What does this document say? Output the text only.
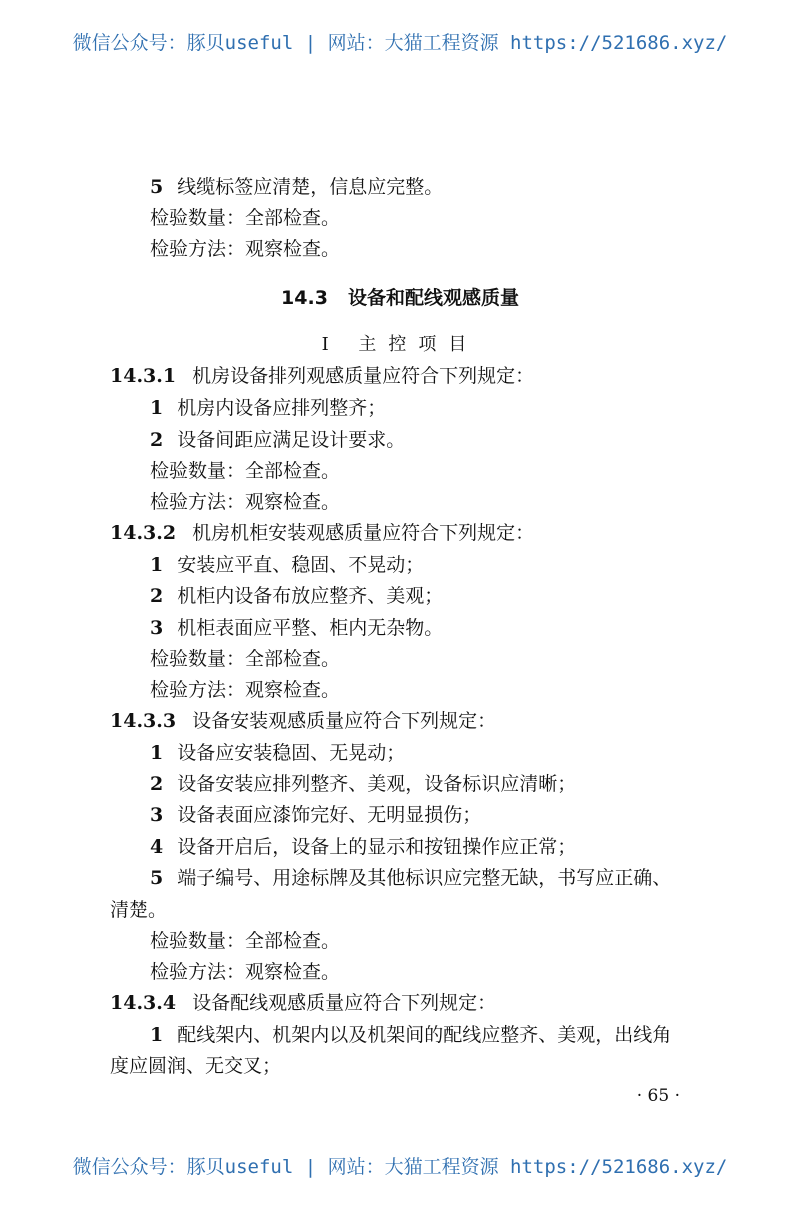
微信公众号：豚贝useful | 网站：大猫工程资源 https://521686.xyz/
5 线缆标签应清楚，信息应完整。
检验数量：全部检查。
检验方法：观察检查。
14.3 设备和配线观感质量
Ⅰ 主控项目
14.3.1 机房设备排列观感质量应符合下列规定：
1 机房内设备应排列整齐；
2 设备间距应满足设计要求。
检验数量：全部检查。
检验方法：观察检查。
14.3.2 机房机柜安装观感质量应符合下列规定：
1 安装应平直、稳固、不晃动；
2 机柜内设备布放应整齐、美观；
3 机柜表面应平整、柜内无杂物。
检验数量：全部检查。
检验方法：观察检查。
14.3.3 设备安装观感质量应符合下列规定：
1 设备应安装稳固、无晃动；
2 设备安装应排列整齐、美观，设备标识应清晰；
3 设备表面应漆饰完好、无明显损伤；
4 设备开启后，设备上的显示和按钮操作应正常；
5 端子编号、用途标牌及其他标识应完整无缺，书写应正确、
清楚。
检验数量：全部检查。
检验方法：观察检查。
14.3.4 设备配线观感质量应符合下列规定：
1 配线架内、机架内以及机架间的配线应整齐、美观，出线角
度应圆润、无交叉；
· 65 ·
微信公众号：豚贝useful | 网站：大猫工程资源 https://521686.xyz/
